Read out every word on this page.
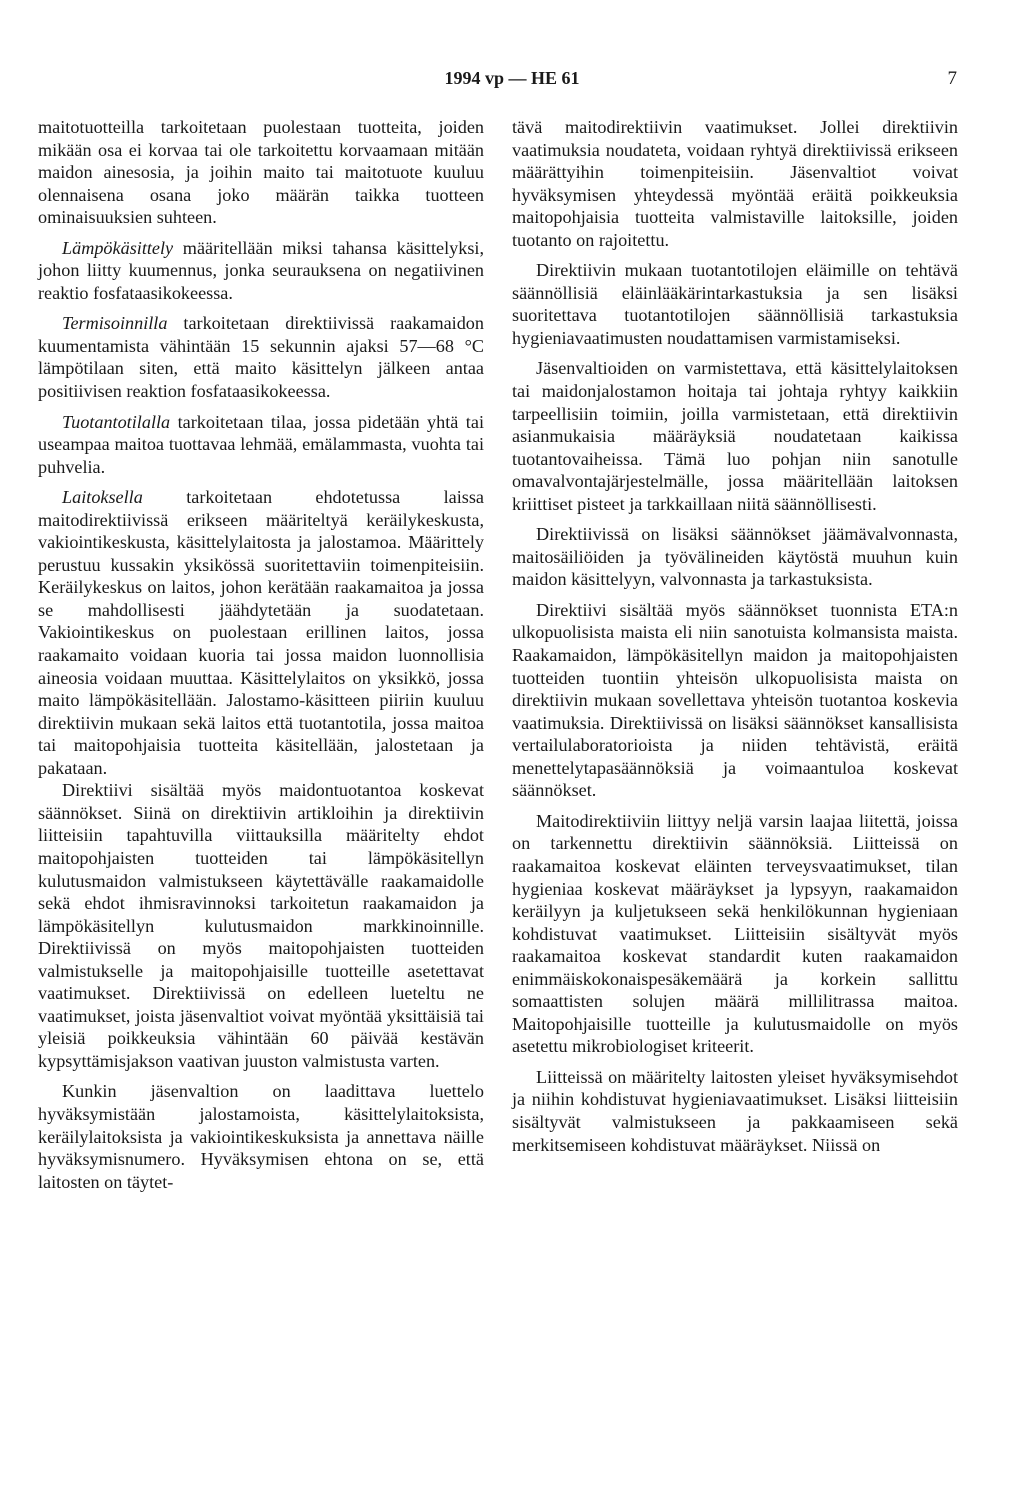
1994 vp — HE 61	7

maitotuotteilla tarkoitetaan puolestaan tuotteita, joiden mikään osa ei korvaa tai ole tarkoitettu korvaamaan mitään maidon ainesosia, ja joihin maito tai maitotuote kuuluu olennaisena osana joko määrän taikka tuotteen ominaisuuksien suhteen.

Lämpökäsittely määritellään miksi tahansa käsittelyksi, johon liitty kuumennus, jonka seurauksena on negatiivinen reaktio fosfataasikokeessa.

Termisoinnilla tarkoitetaan direktiivissä raakamaidon kuumentamista vähintään 15 sekunnin ajaksi 57—68 °C lämpötilaan siten, että maito käsittelyn jälkeen antaa positiivisen reaktion fosfataasikokeessa.

Tuotantotilalla tarkoitetaan tilaa, jossa pidetään yhtä tai useampaa maitoa tuottavaa lehmää, emälammasta, vuohta tai puhvelia.

Laitoksella tarkoitetaan ehdotetussa laissa maitodirektiivissä erikseen määriteltyä keräilykeskusta, vakiointikeskusta, käsittelylaitosta ja jalostamoa. Määrittely perustuu kussakin yksikössä suoritettaviin toimenpiteisiin. Keräilykeskus on laitos, johon kerätään raakamaitoa ja jossa se mahdollisesti jäähdytetään ja suodatetaan. Vakiointikeskus on puolestaan erillinen laitos, jossa raakamaito voidaan kuoria tai jossa maidon luonnollisia aineosia voidaan muuttaa. Käsittelylaitos on yksikkö, jossa maito lämpökäsitellään. Jalostamo-käsitteen piiriin kuuluu direktiivin mukaan sekä laitos että tuotantotila, jossa maitoa tai maitopohjaisia tuotteita käsitellään, jalostetaan ja pakataan.

Direktiivi sisältää myös maidontuotantoa koskevat säännökset. Siinä on direktiivin artikloihin ja direktiivin liitteisiin tapahtuvilla viittauksilla määritelty ehdot maitopohjaisten tuotteiden tai lämpökäsitellyn kulutusmaidon valmistukseen käytettävälle raakamaidolle sekä ehdot ihmisravinnoksi tarkoitetun raakamaidon ja lämpökäsitellyn kulutusmaidon markkinoinnille. Direktiivissä on myös maitopohjaisten tuotteiden valmistukselle ja maitopohjaisille tuotteille asetettavat vaatimukset. Direktiivissä on edelleen lueteltu ne vaatimukset, joista jäsenvaltiot voivat myöntää yksittäisiä tai yleisiä poikkeuksia vähintään 60 päivää kestävän kypsyttämisjakson vaativan juuston valmistusta varten.

Kunkin jäsenvaltion on laadittava luettelo hyväksymistään jalostamoista, käsittelylaitoksista, keräilylaitoksista ja vakiointikeskuksista ja annettava näille hyväksymisnumero. Hyväksymisen ehtona on se, että laitosten on täytet-

tävä maitodirektiivin vaatimukset. Jollei direktiivin vaatimuksia noudateta, voidaan ryhtyä direktiivissä erikseen määrättyihin toimenpiteisiin. Jäsenvaltiot voivat hyväksymisen yhteydessä myöntää eräitä poikkeuksia maitopohjaisia tuotteita valmistaville laitoksille, joiden tuotanto on rajoitettu.

Direktiivin mukaan tuotantotilojen eläimille on tehtävä säännöllisiä eläinlääkärintarkastuksia ja sen lisäksi suoritettava tuotantotilojen säännöllisiä tarkastuksia hygieniavaatimusten noudattamisen varmistamiseksi.

Jäsenvaltioiden on varmistettava, että käsittelylaitoksen tai maidonjalostamon hoitaja tai johtaja ryhtyy kaikkiin tarpeellisiin toimiin, joilla varmistetaan, että direktiivin asianmukaisia määräyksiä noudatetaan kaikissa tuotantovaiheissa. Tämä luo pohjan niin sanotulle omavalvontajärjestelmälle, jossa määritellään laitoksen kriittiset pisteet ja tarkkaillaan niitä säännöllisesti.

Direktiivissä on lisäksi säännökset jäämävalvonnasta, maitosäiliöiden ja työvälineiden käytöstä muuhun kuin maidon käsittelyyn, valvonnasta ja tarkastuksista.

Direktiivi sisältää myös säännökset tuonnista ETA:n ulkopuolisista maista eli niin sanotuista kolmansista maista. Raakamaidon, lämpökäsitellyn maidon ja maitopohjaisten tuotteiden tuontiin yhteisön ulkopuolisista maista on direktiivin mukaan sovellettava yhteisön tuotantoa koskevia vaatimuksia. Direktiivissä on lisäksi säännökset kansallisista vertailulaboratorioista ja niiden tehtävistä, eräitä menettelytapasäännöksiä ja voimaantuloa koskevat säännökset.

Maitodirektiiviin liittyy neljä varsin laajaa liitettä, joissa on tarkennettu direktiivin säännöksiä. Liitteissä on raakamaitoa koskevat eläinten terveysvaatimukset, tilan hygieniaa koskevat määräykset ja lypsyyn, raakamaidon keräilyyn ja kuljetukseen sekä henkilökunnan hygieniaan kohdistuvat vaatimukset. Liitteisiin sisältyvät myös raakamaitoa koskevat standardit kuten raakamaidon enimmäiskokonaispesäkemäärä ja korkein sallittu somaattisten solujen määrä millilitrassa maitoa. Maitopohjaisille tuotteille ja kulutusmaidolle on myös asetettu mikrobiologiset kriteerit.

Liitteissä on määritelty laitosten yleiset hyväksymisehdot ja niihin kohdistuvat hygieniavaatimukset. Lisäksi liitteisiin sisältyvät valmistukseen ja pakkaamiseen sekä merkitsemiseen kohdistuvat määräykset. Niissä on
